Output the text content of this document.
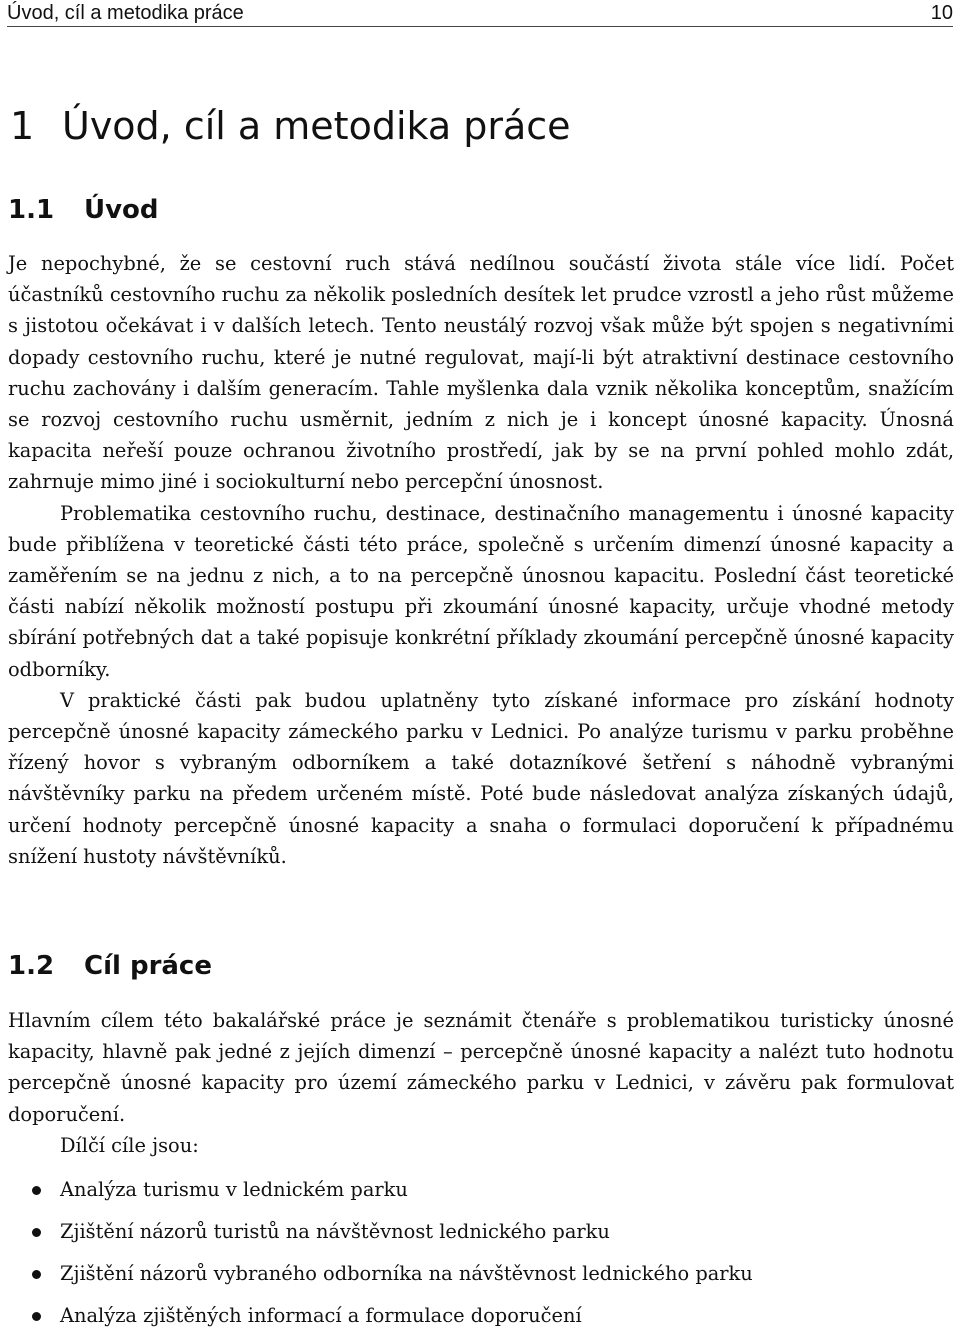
Úvod, cíl a metodika práce	10
1 Úvod, cíl a metodika práce
1.1 Úvod

Je nepochybné, že se cestovní ruch stává nedílnou součástí života stále více lidí. Počet účastníků cestovního ruchu za několik posledních desítek let prudce vzrostl a jeho růst můžeme s jistotou očekávat i v dalších letech. Tento neustálý rozvoj však může být spojen s negativními dopady cestovního ruchu, které je nutné regulovat, mají-li být atraktivní destinace cestovního ruchu zachovány i dalším generacím. Tahle myšlenka dala vznik několika konceptům, snažícím se rozvoj cestovního ruchu usměrnit, jedním z nich je i koncept únosné kapacity. Únosná kapacita neřeší pouze ochranou životního prostředí, jak by se na první pohled mohlo zdát, zahrnuje mimo jiné i sociokulturní nebo percepční únosnost.

Problematika cestovního ruchu, destinace, destinačního managementu i únosné kapacity bude přiblížena v teoretické části této práce, společně s určením dimenzí únosné kapacity a zaměřením se na jednu z nich, a to na percepčně únosnou kapacitu. Poslední část teoretické části nabízí několik možností postupu při zkoumání únosné kapacity, určuje vhodné metody sbírání potřebných dat a také popisuje konkrétní příklady zkoumání percepčně únosné kapacity odborníky.

V praktické části pak budou uplatněny tyto získané informace pro získání hodnoty percepčně únosné kapacity zámeckého parku v Lednici. Po analýze turismu v parku proběhne řízený hovor s vybraným odborníkem a také dotazníkové šetření s náhodně vybranými návštěvníky parku na předem určeném místě. Poté bude následovat analýza získaných údajů, určení hodnoty percepčně únosné kapacity a snaha o formulaci doporučení k případnému snížení hustoty návštěvníků.

1.2 Cíl práce

Hlavním cílem této bakalářské práce je seznámit čtenáře s problematikou turisticky únosné kapacity, hlavně pak jedné z jejích dimenzí – percepčně únosné kapacity a nalézt tuto hodnotu percepčně únosné kapacity pro území zámeckého parku v Lednici, v závěru pak formulovat doporučení.

Dílčí cíle jsou:

Analýza turismu v lednickém parku
Zjištění názorů turistů na návštěvnost lednického parku
Zjištění názorů vybraného odborníka na návštěvnost lednického parku
Analýza zjištěných informací a formulace doporučení
